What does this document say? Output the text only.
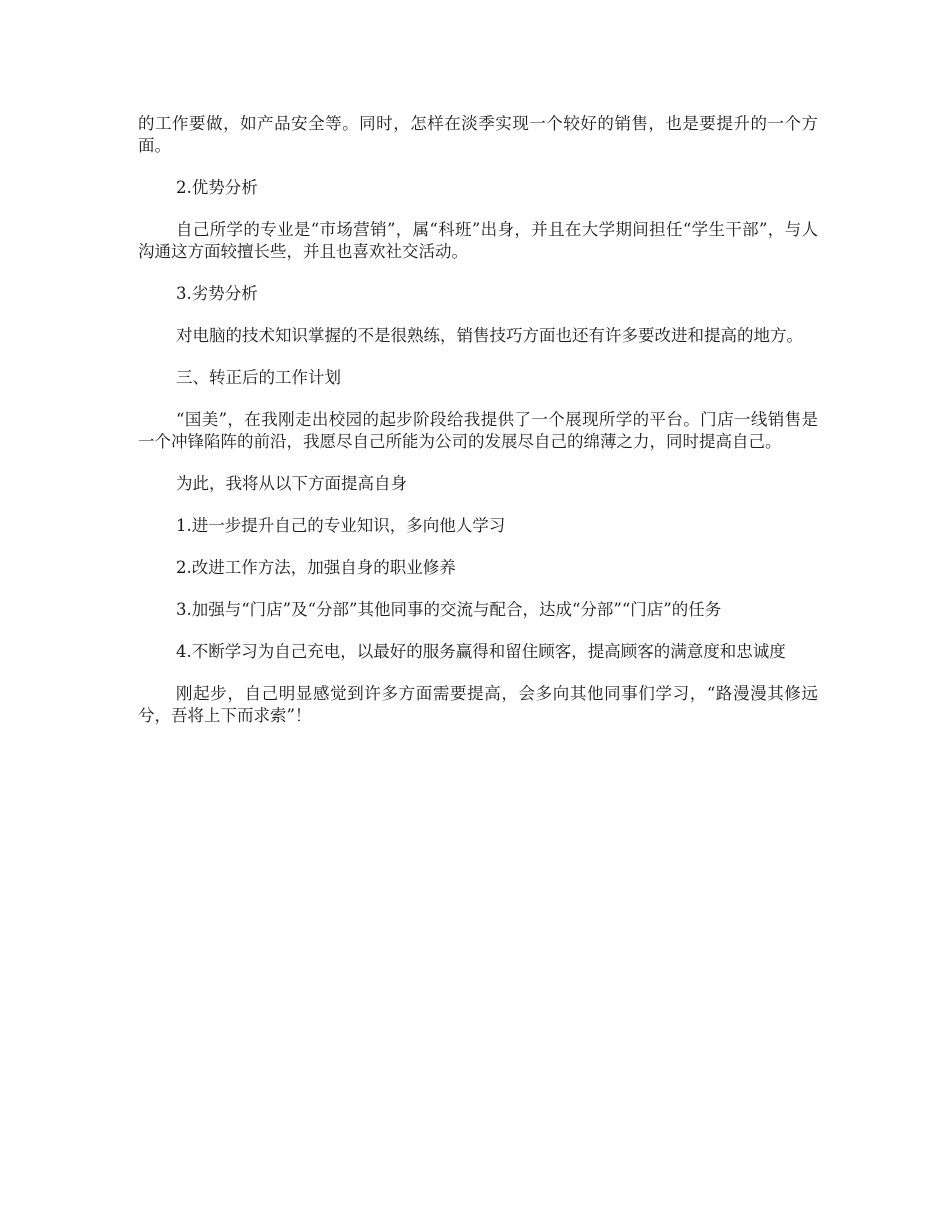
的工作要做，如产品安全等。同时，怎样在淡季实现一个较好的销售，也是要提升的一个方面。

2.优势分析

自己所学的专业是“市场营销”，属“科班”出身，并且在大学期间担任“学生干部”，与人沟通这方面较擅长些，并且也喜欢社交活动。

3.劣势分析

对电脑的技术知识掌握的不是很熟练，销售技巧方面也还有许多要改进和提高的地方。

三、转正后的工作计划

“国美”，在我刚走出校园的起步阶段给我提供了一个展现所学的平台。门店一线销售是一个冲锋陷阵的前沿，我愿尽自己所能为公司的发展尽自己的绵薄之力，同时提高自己。

为此，我将从以下方面提高自身

1.进一步提升自己的专业知识，多向他人学习

2.改进工作方法，加强自身的职业修养

3.加强与“门店”及“分部”其他同事的交流与配合，达成“分部”“门店”的任务

4.不断学习为自己充电，以最好的服务赢得和留住顾客，提高顾客的满意度和忠诚度

刚起步，自己明显感觉到许多方面需要提高，会多向其他同事们学习，“路漫漫其修远兮，吾将上下而求索”！
